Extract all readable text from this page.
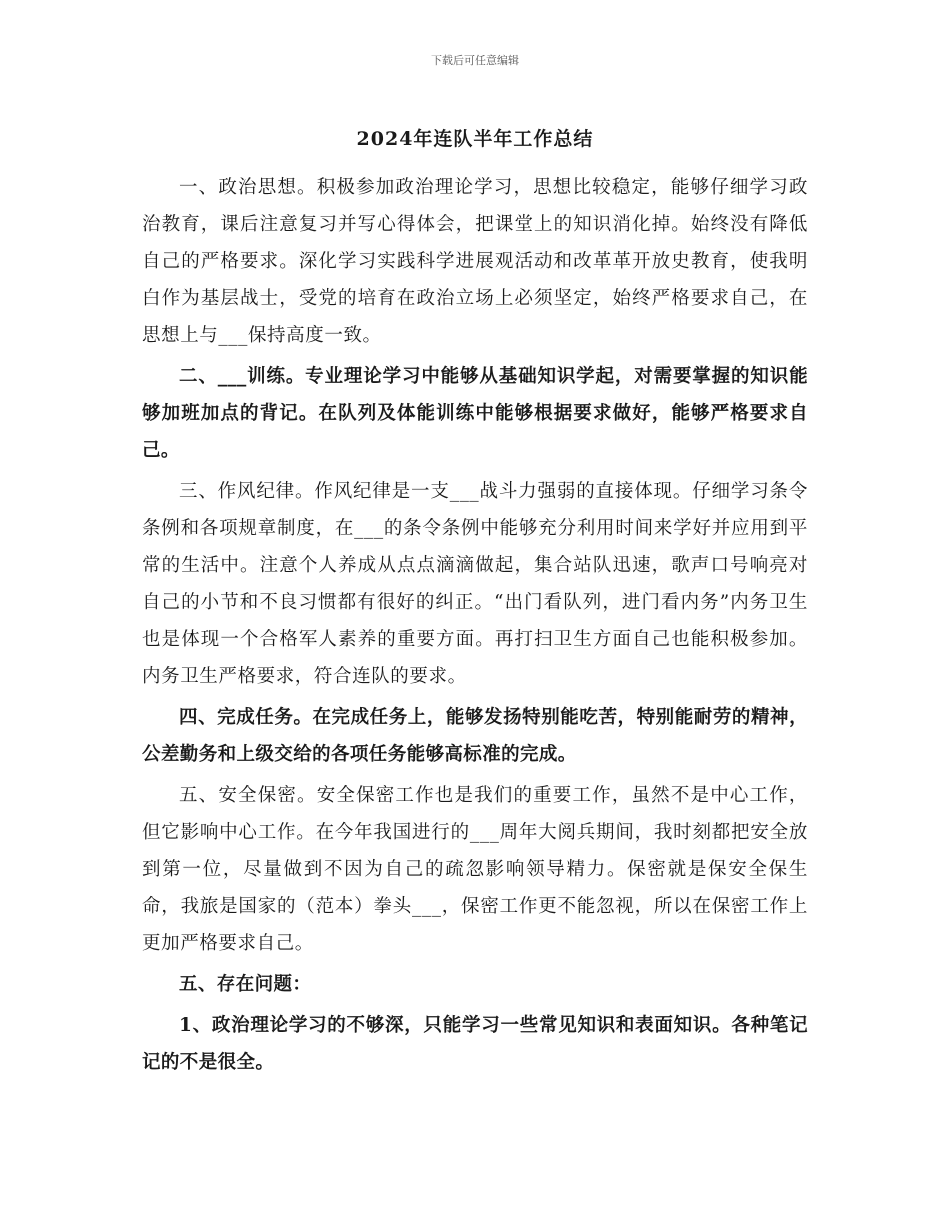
下载后可任意编辑
2024年连队半年工作总结

一、政治思想。积极参加政治理论学习，思想比较稳定，能够仔细学习政治教育，课后注意复习并写心得体会，把课堂上的知识消化掉。始终没有降低自己的严格要求。深化学习实践科学进展观活动和改革革开放史教育，使我明白作为基层战士，受党的培育在政治立场上必须坚定，始终严格要求自己，在思想上与___保持高度一致。

二、___训练。专业理论学习中能够从基础知识学起，对需要掌握的知识能够加班加点的背记。在队列及体能训练中能够根据要求做好，能够严格要求自己。

三、作风纪律。作风纪律是一支___战斗力强弱的直接体现。仔细学习条令条例和各项规章制度，在___的条令条例中能够充分利用时间来学好并应用到平常的生活中。注意个人养成从点点滴滴做起，集合站队迅速，歌声口号响亮对自己的小节和不良习惯都有很好的纠正。“出门看队列，进门看内务”内务卫生也是体现一个合格军人素养的重要方面。再打扫卫生方面自己也能积极参加。内务卫生严格要求，符合连队的要求。

四、完成任务。在完成任务上，能够发扬特别能吃苦，特别能耐劳的精神，公差勤务和上级交给的各项任务能够高标准的完成。

五、安全保密。安全保密工作也是我们的重要工作，虽然不是中心工作，但它影响中心工作。在今年我国进行的___周年大阅兵期间，我时刻都把安全放到第一位，尽量做到不因为自己的疏忽影响领导精力。保密就是保安全保生命，我旅是国家的（范本）拳头___，保密工作更不能忽视，所以在保密工作上更加严格要求自己。

五、存在问题：

1、政治理论学习的不够深，只能学习一些常见知识和表面知识。各种笔记记的不是很全。
